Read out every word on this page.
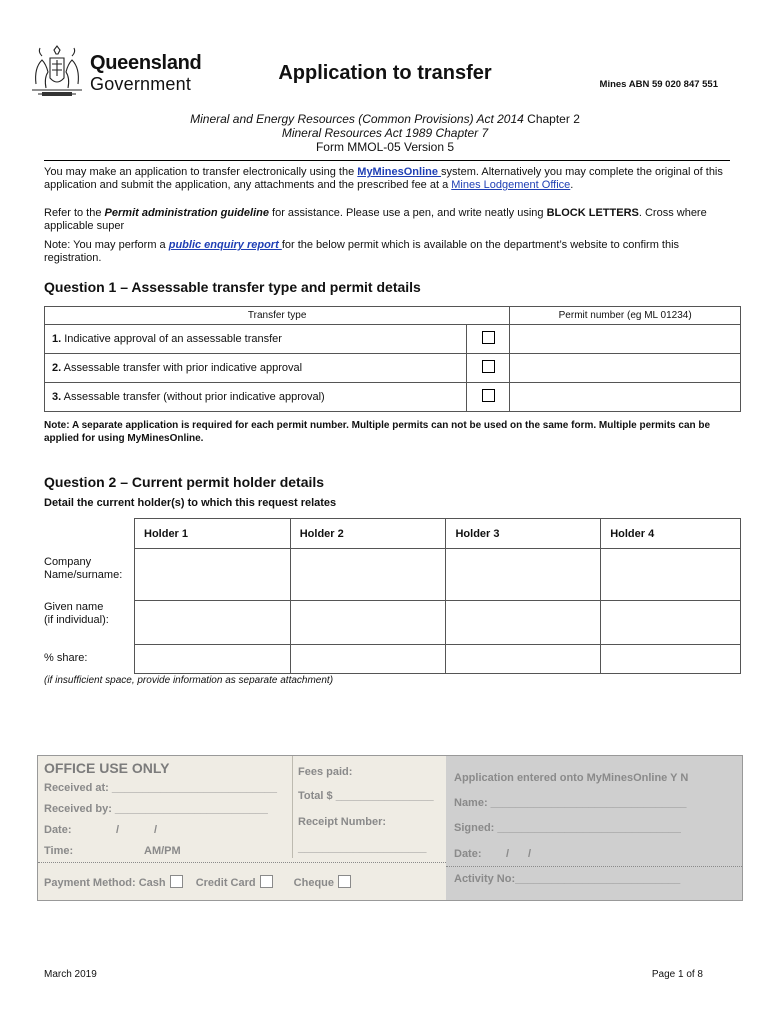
Queensland
Government	Application to transfer
Mines ABN 59 020 847 551
Mineral and Energy Resources (Common Provisions) Act 2014 Chapter 2
Mineral Resources Act 1989 Chapter 7
Form MMOL-05 Version 5
You may make an application to transfer electronically using the MyMinesOnline system. Alternatively you may complete the original of this application and submit the application, any attachments and the prescribed fee at a Mines Lodgement Office.
Refer to the Permit administration guideline for assistance. Please use a pen, and write neatly using BLOCK LETTERS. Cross where applicable super
Note: You may perform a public enquiry report for the below permit which is available on the department’s website to confirm this registration.
Question 1 – Assessable transfer type and permit details
Transfer type		Permit number (eg ML 01234)
1. Indicative approval of an assessable transfer		
2. Assessable transfer with prior indicative approval		
3. Assessable transfer (without prior indicative approval)		
Note: A separate application is required for each permit number. Multiple permits can not be used on the same form. Multiple permits can be applied for using MyMinesOnline.
Question 2 – Current permit holder details
Detail the current holder(s) to which this request relates
Holder 1	Holder 2	Holder 3	Holder 4

Company
Name/surname:
Given name
(if individual):
% share:
(if insufficient space, provide information as separate attachment)
OFFICE USE ONLY
Received at: ___________________________
Received by: _________________________
Date:	/	/
Time:	AM/PM
Fees paid:
Total $ ________________
Receipt Number:
_____________________
Application entered onto MyMinesOnline Y N
Name: ________________________________
Signed: ______________________________
Date: / /
Activity No:___________________________
Payment Method: Cash	Credit Card	Cheque
March 2019	Page 1 of 8
